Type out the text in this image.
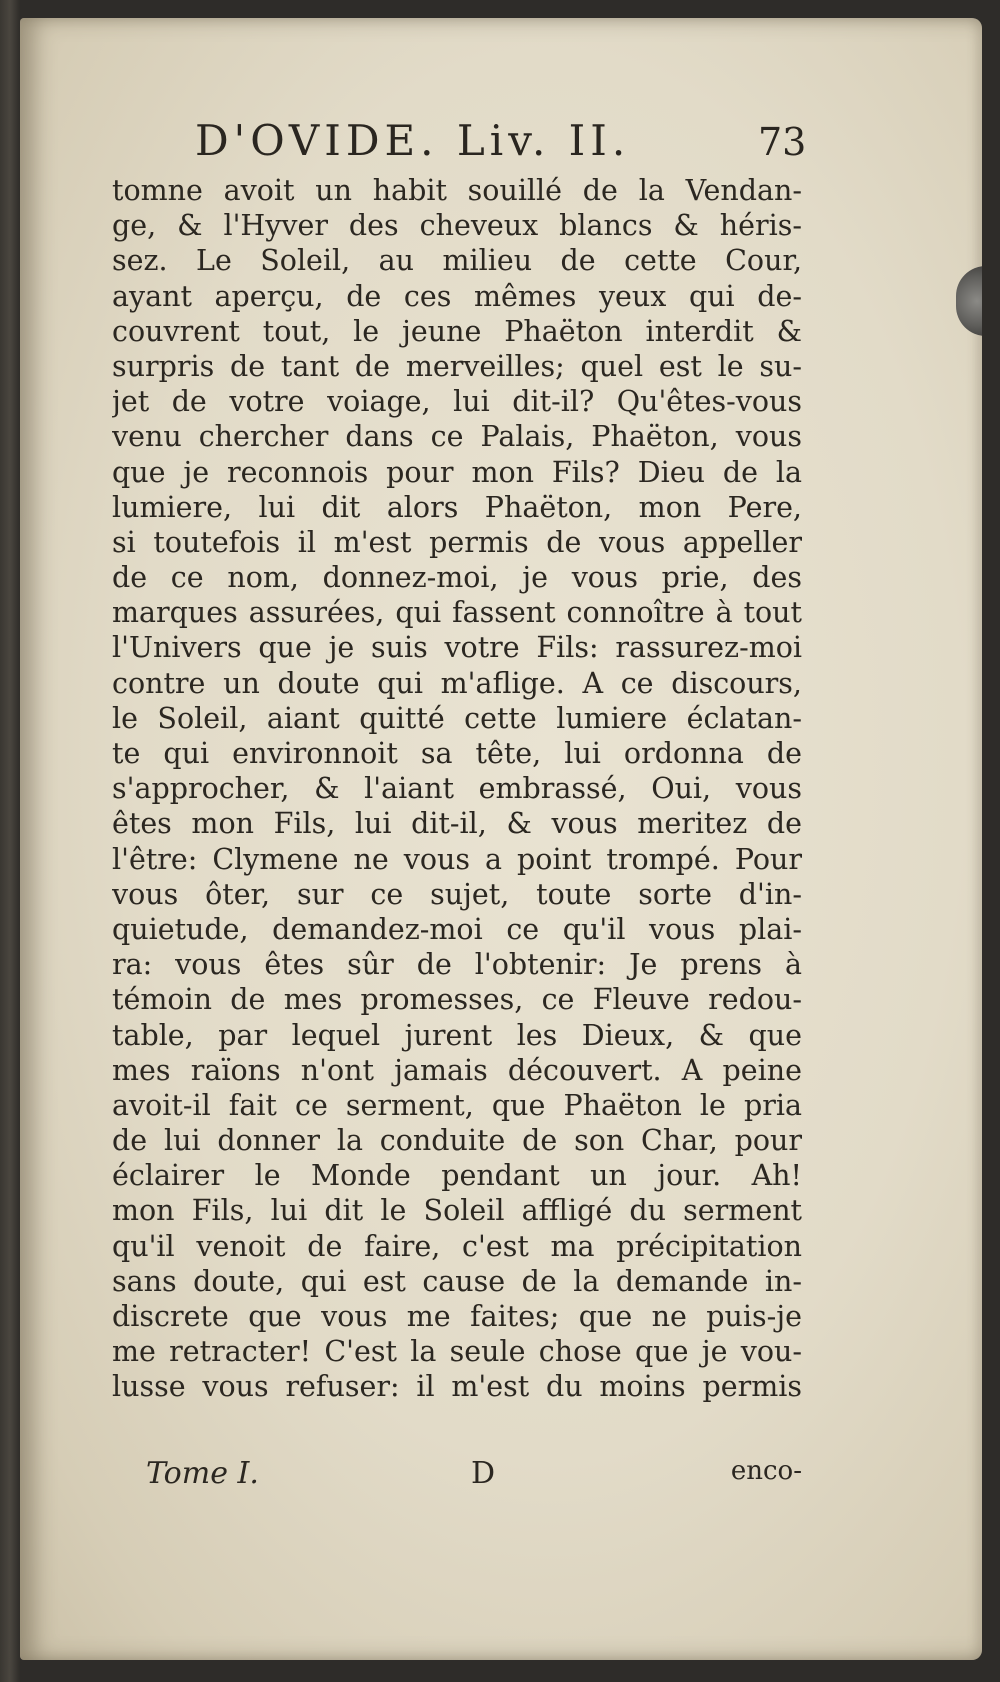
D'OVIDE. Liv. II.	73
tomne avoit un habit souillé de la Vendan-
ge, & l'Hyver des cheveux blancs & héris-
sez. Le Soleil, au milieu de cette Cour,
ayant aperçu, de ces mêmes yeux qui de-
couvrent tout, le jeune Phaëton interdit &
surpris de tant de merveilles; quel est le su-
jet de votre voiage, lui dit-il? Qu'êtes-vous
venu chercher dans ce Palais, Phaëton, vous
que je reconnois pour mon Fils? Dieu de la
lumiere, lui dit alors Phaëton, mon Pere,
si toutefois il m'est permis de vous appeller
de ce nom, donnez-moi, je vous prie, des
marques assurées, qui fassent connoître à tout
l'Univers que je suis votre Fils: rassurez-moi
contre un doute qui m'aflige. A ce discours,
le Soleil, aiant quitté cette lumiere éclatan-
te qui environnoit sa tête, lui ordonna de
s'approcher, & l'aiant embrassé, Oui, vous
êtes mon Fils, lui dit-il, & vous meritez de
l'être: Clymene ne vous a point trompé. Pour
vous ôter, sur ce sujet, toute sorte d'in-
quietude, demandez-moi ce qu'il vous plai-
ra: vous êtes sûr de l'obtenir: Je prens à
témoin de mes promesses, ce Fleuve redou-
table, par lequel jurent les Dieux, & que
mes raïons n'ont jamais découvert. A peine
avoit-il fait ce serment, que Phaëton le pria
de lui donner la conduite de son Char, pour
éclairer le Monde pendant un jour. Ah!
mon Fils, lui dit le Soleil affligé du serment
qu'il venoit de faire, c'est ma précipitation
sans doute, qui est cause de la demande in-
discrete que vous me faites; que ne puis-je
me retracter! C'est la seule chose que je vou-
lusse vous refuser: il m'est du moins permis
Tome I.	D	enco-
